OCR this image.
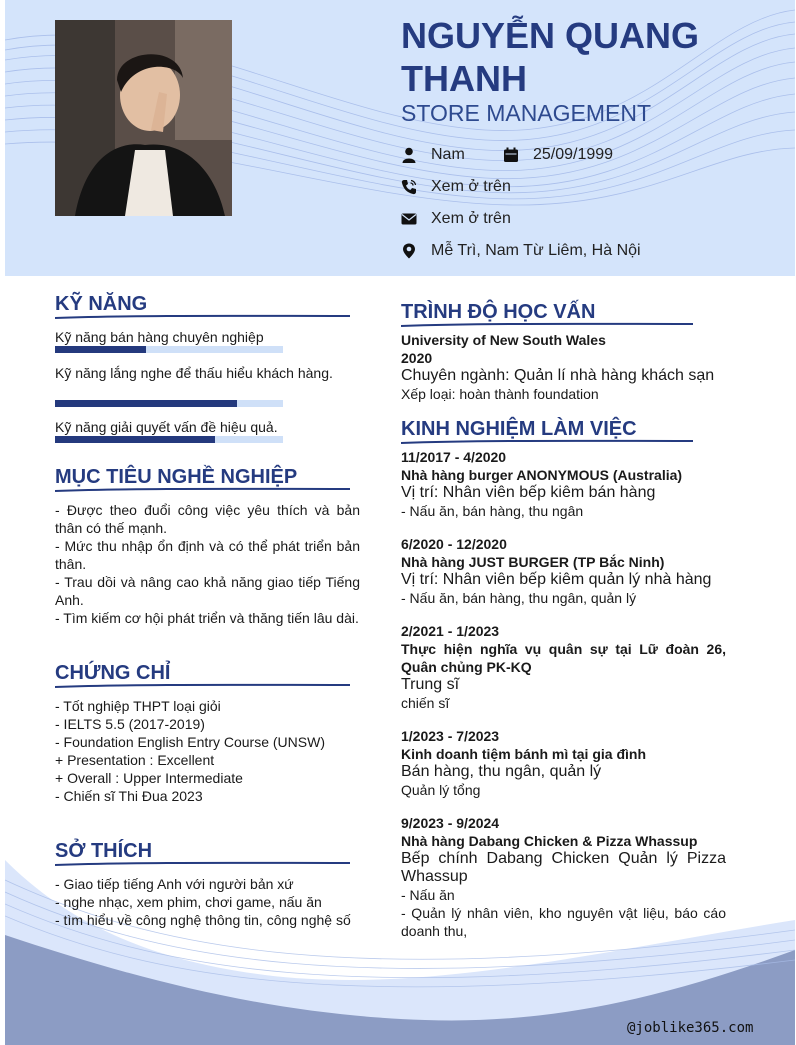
NGUYỄN QUANG THANH
STORE MANAGEMENT
Nam	25/09/1999
Xem ở trên
Xem ở trên
Mễ Trì, Nam Từ Liêm, Hà Nội
KỸ NĂNG
Kỹ năng bán hàng chuyên nghiệp
Kỹ năng lắng nghe để thấu hiểu khách hàng.
Kỹ năng giải quyết vấn đề hiệu quả.
MỤC TIÊU NGHỀ NGHIỆP
- Được theo đuổi công việc yêu thích và bản thân có thế mạnh.
- Mức thu nhập ổn định và có thể phát triển bản thân.
- Trau dồi và nâng cao khả năng giao tiếp Tiếng Anh.
- Tìm kiếm cơ hội phát triển và thăng tiến lâu dài.
CHỨNG CHỈ
- Tốt nghiệp THPT loại giỏi
- IELTS 5.5 (2017-2019)
- Foundation English Entry Course (UNSW)
+ Presentation : Excellent
+ Overall : Upper Intermediate
- Chiến sĩ Thi Đua 2023
SỞ THÍCH
- Giao tiếp tiếng Anh với người bản xứ
- nghe nhạc, xem phim, chơi game, nấu ăn
- tìm hiểu về công nghệ thông tin, công nghệ số
TRÌNH ĐỘ HỌC VẤN
University of New South Wales
2020
Chuyên ngành: Quản lí nhà hàng khách sạn
Xếp loại: hoàn thành foundation
KINH NGHIỆM LÀM VIỆC
11/2017 - 4/2020
Nhà hàng burger ANONYMOUS (Australia)
Vị trí: Nhân viên bếp kiêm bán hàng
- Nấu ăn, bán hàng, thu ngân
6/2020 - 12/2020
Nhà hàng JUST BURGER (TP Bắc Ninh)
Vị trí: Nhân viên bếp kiêm quản lý nhà hàng
- Nấu ăn, bán hàng, thu ngân, quản lý
2/2021 - 1/2023
Thực hiện nghĩa vụ quân sự tại Lữ đoàn 26, Quân chủng PK-KQ
Trung sĩ
chiến sĩ
1/2023 - 7/2023
Kinh doanh tiệm bánh mì tại gia đình
Bán hàng, thu ngân, quản lý
Quản lý tổng
9/2023 - 9/2024
Nhà hàng Dabang Chicken & Pizza Whassup
Bếp chính Dabang Chicken Quản lý Pizza Whassup
- Nấu ăn
- Quản lý nhân viên, kho nguyên vật liệu, báo cáo doanh thu,
@joblike365.com
